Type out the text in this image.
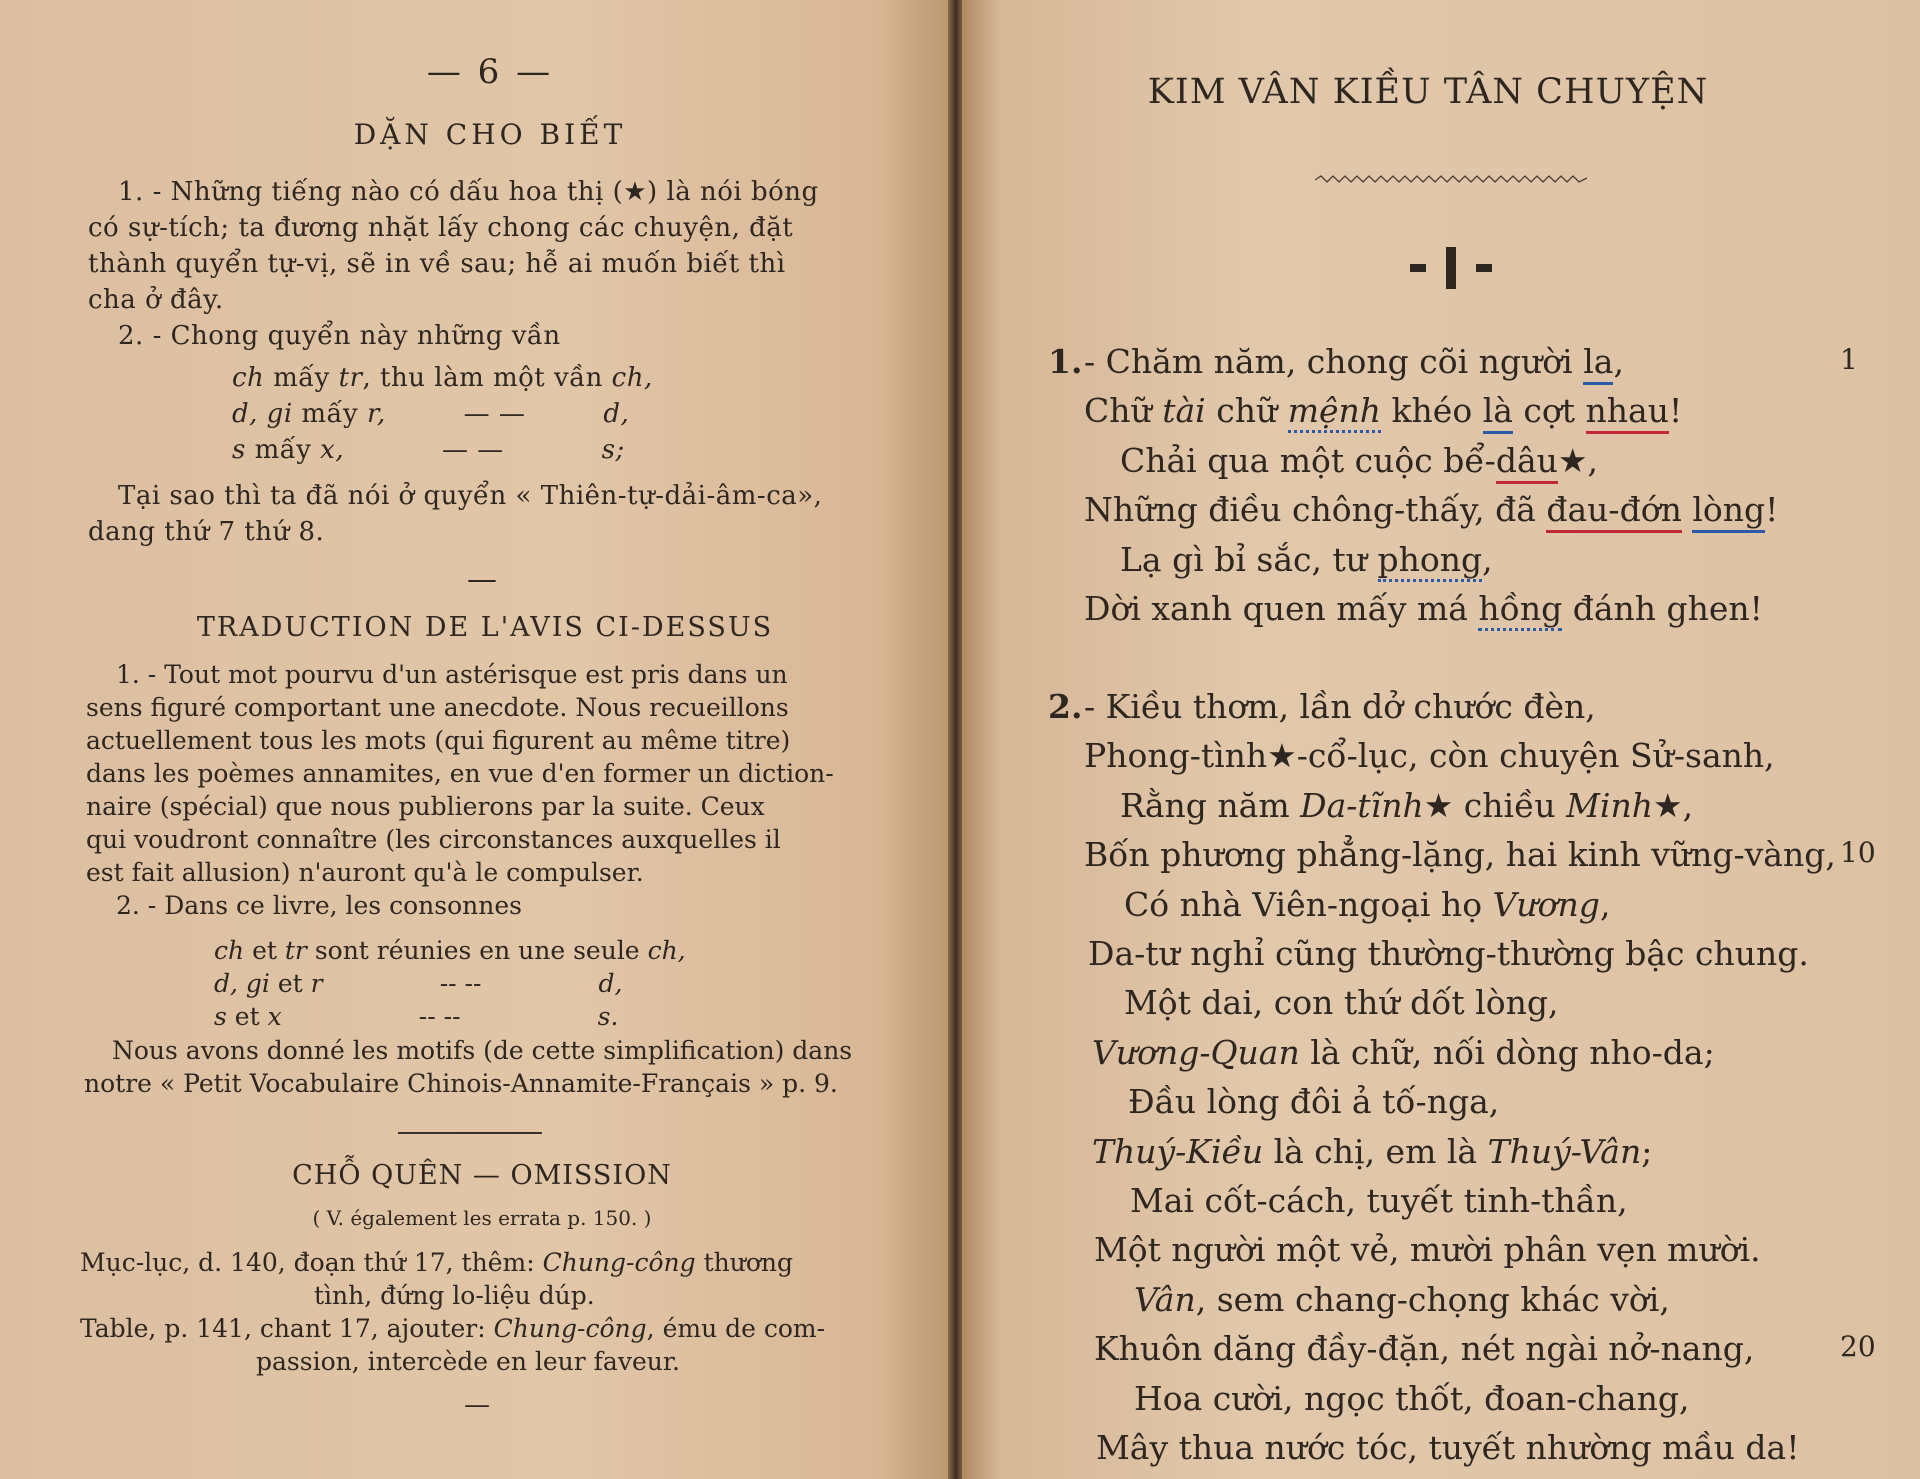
— 6 —
DẶN CHO BIẾT
1. - Những tiếng nào có dấu hoa thị (★) là nói bóng
có sự-tích; ta đương nhặt lấy chong các chuyện, đặt
thành quyển tự-vị, sẽ in về sau; hễ ai muốn biết thì
cha ở đây.
2. - Chong quyển này những vần
ch mấy tr, thu làm một vần ch,
d, gi mấy r,	— —	d,
s mấy x,	— —	s;
Tại sao thì ta đã nói ở quyển « Thiên-tự-dải-âm-ca»,
dang thứ 7 thứ 8.
—
TRADUCTION DE L'AVIS CI-DESSUS
1. - Tout mot pourvu d'un astérisque est pris dans un
sens figuré comportant une anecdote. Nous recueillons
actuellement tous les mots (qui figurent au même titre)
dans les poèmes annamites, en vue d'en former un diction-
naire (spécial) que nous publierons par la suite. Ceux
qui voudront connaître (les circonstances auxquelles il
est fait allusion) n'auront qu'à le compulser.
2. - Dans ce livre, les consonnes
ch et tr sont réunies en une seule ch,
d, gi et r	-- --	d,
s et x	-- --	s.
Nous avons donné les motifs (de cette simplification) dans
notre « Petit Vocabulaire Chinois-Annamite-Français » p. 9.
CHỖ QUÊN — OMISSION
( V. également les errata p. 150. )
Mục-lục, d. 140, đoạn thứ 17, thêm: Chung-công thương
tình, đứng lo-liệu dúp.
Table, p. 141, chant 17, ajouter: Chung-công, ému de com-
passion, intercède en leur faveur.
—
KIM VÂN KIỀU TÂN CHUYỆN
1. - Chăm năm, chong cõi người la,	1
Chữ tài chữ mệnh khéo là cợt nhau!
Chải qua một cuộc bể-dâu★,
Những điều chông-thấy, đã đau-đớn lòng!
Lạ gì bỉ sắc, tư phong,
Dời xanh quen mấy má hồng đánh ghen!
2. - Kiều thơm, lần dở chước đèn,
Phong-tình★-cổ-lục, còn chuyện Sử-sanh,
Rằng năm Da-tĩnh★ chiều Minh★,
Bốn phương phẳng-lặng, hai kinh vững-vàng, 10
Có nhà Viên-ngoại họ Vương,
Da-tư nghỉ cũng thường-thường bậc chung.
Một dai, con thứ dốt lòng,
Vương-Quan là chữ, nối dòng nho-da;
Đầu lòng đôi ả tố-nga,
Thuý-Kiều là chị, em là Thuý-Vân;
Mai cốt-cách, tuyết tinh-thần,
Một người một vẻ, mười phân vẹn mười.
Vân, sem chang-chọng khác vời,
Khuôn dăng đầy-đặn, nét ngài nở-nang,	20
Hoa cười, ngọc thốt, đoan-chang,
Mây thua nước tóc, tuyết nhường mầu da!
